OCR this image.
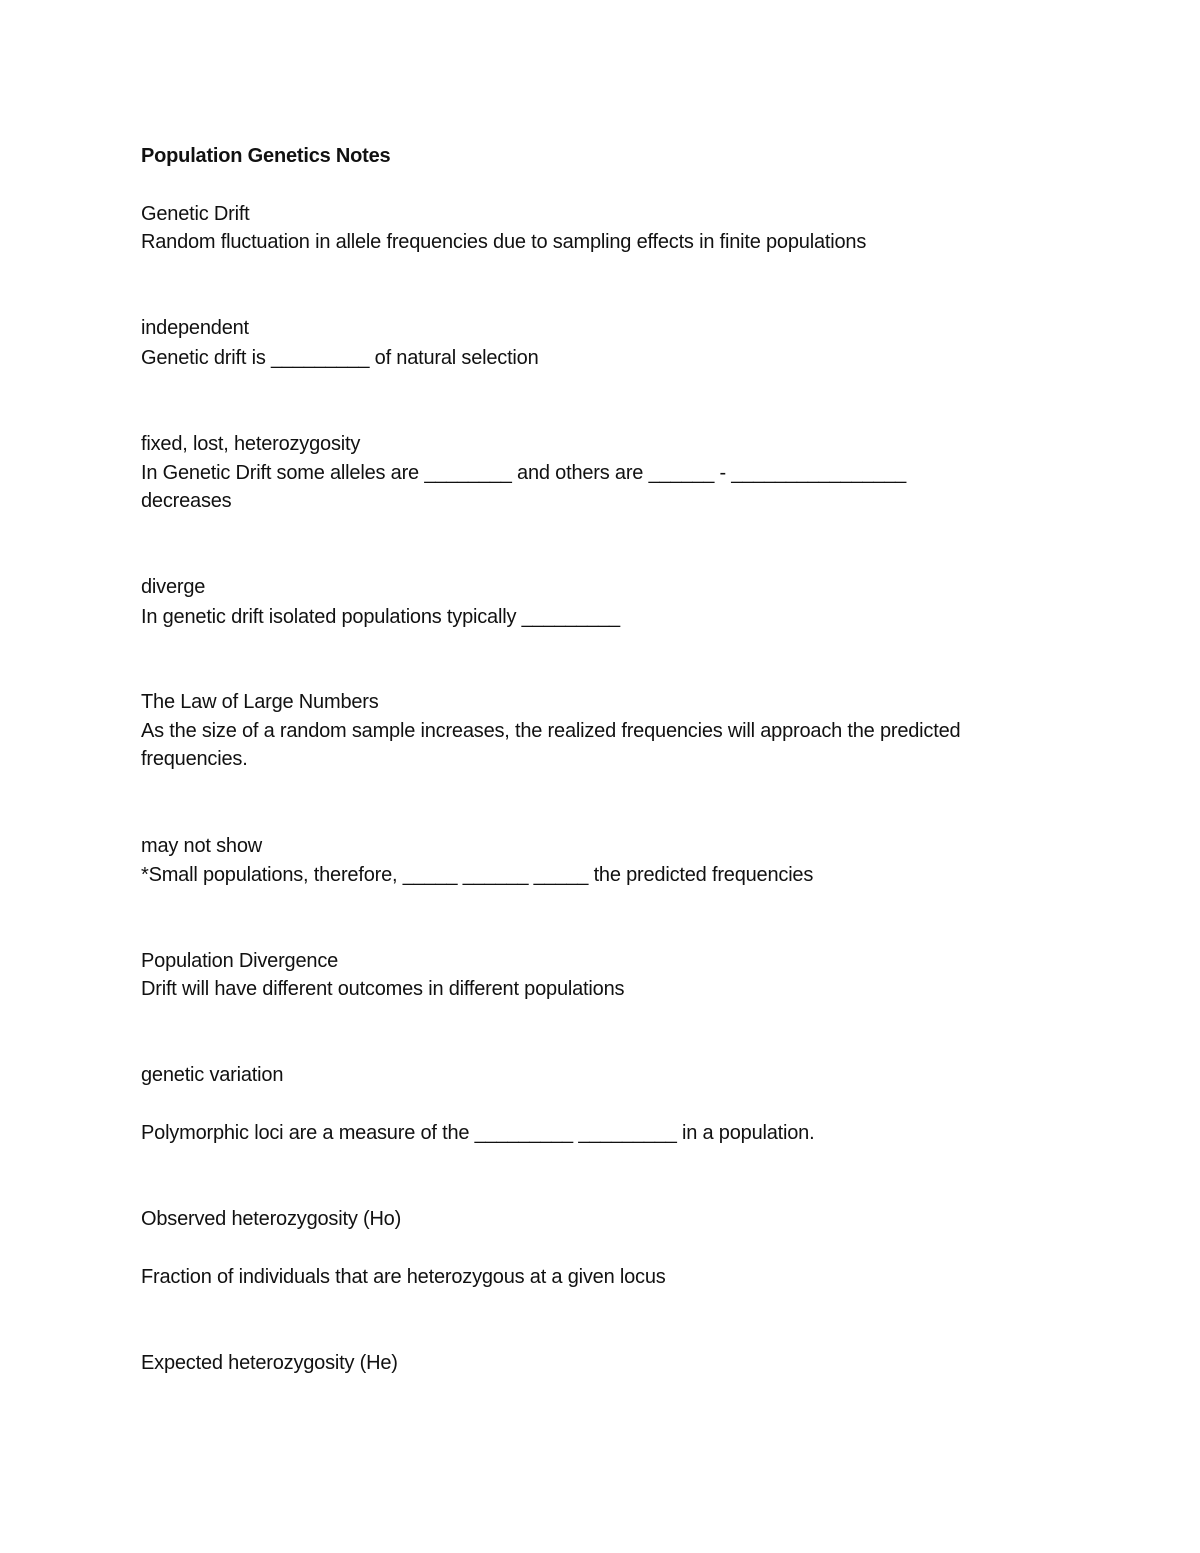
Population Genetics Notes
Genetic Drift
Random fluctuation in allele frequencies due to sampling effects in finite populations
independent
Genetic drift is _________ of natural selection
fixed, lost, heterozygosity
In Genetic Drift some alleles are ________ and others are ______ - ________________
decreases
diverge
In genetic drift isolated populations typically _________
The Law of Large Numbers
As the size of a random sample increases, the realized frequencies will approach the predicted
frequencies.
may not show
*Small populations, therefore, _____ ______ _____ the predicted frequencies
Population Divergence
Drift will have different outcomes in different populations
genetic variation
Polymorphic loci are a measure of the _________ _________ in a population.
Observed heterozygosity (Ho)
Fraction of individuals that are heterozygous at a given locus
Expected heterozygosity (He)
